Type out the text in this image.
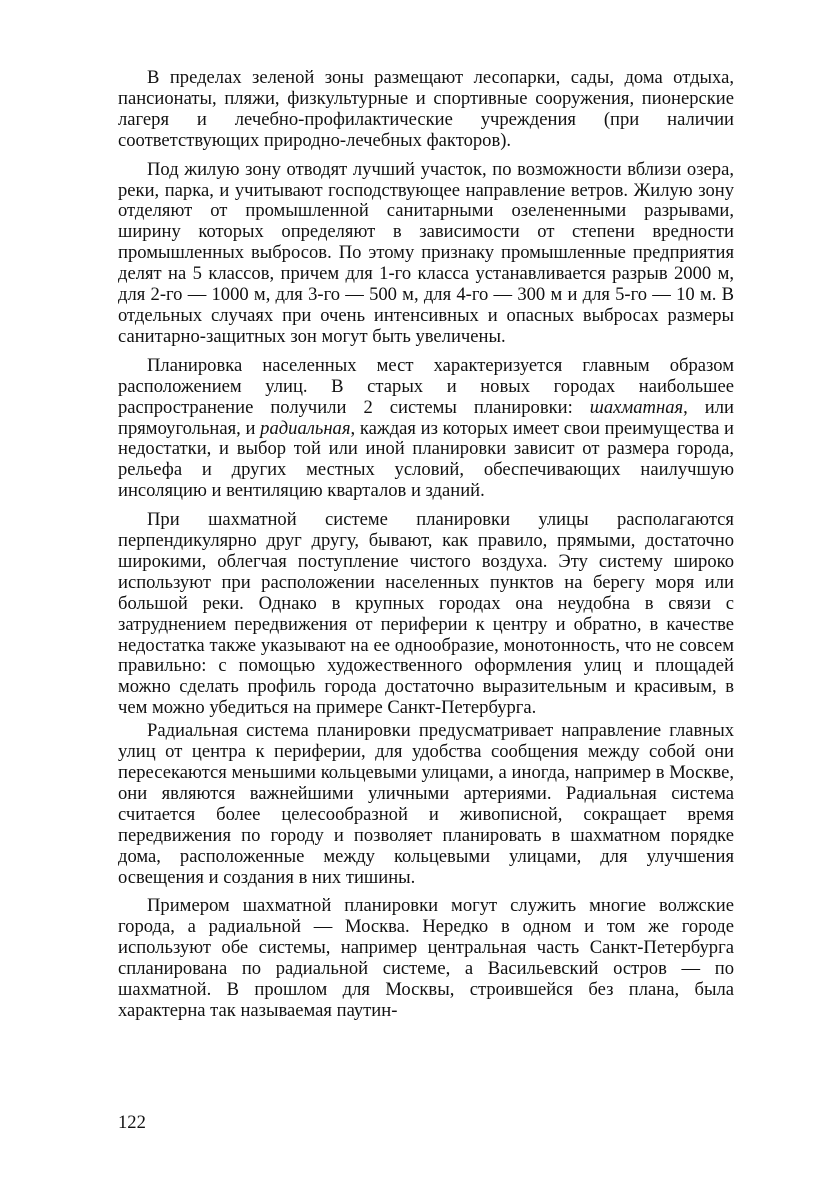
В пределах зеленой зоны размещают лесопарки, сады, дома отдыха, пансионаты, пляжи, физкультурные и спортивные сооружения, пионерские лагеря и лечебно-профилактические учреждения (при наличии соответствующих природно-лечебных факторов).

Под жилую зону отводят лучший участок, по возможности вблизи озера, реки, парка, и учитывают господствующее направление ветров. Жилую зону отделяют от промышленной санитарными озелененными разрывами, ширину которых определяют в зависимости от степени вредности промышленных выбросов. По этому признаку промышленные предприятия делят на 5 классов, причем для 1-го класса устанавливается разрыв 2000 м, для 2-го — 1000 м, для 3-го — 500 м, для 4-го — 300 м и для 5-го — 10 м. В отдельных случаях при очень интенсивных и опасных выбросах размеры санитарно-защитных зон могут быть увеличены.

Планировка населенных мест характеризуется главным образом расположением улиц. В старых и новых городах наибольшее распространение получили 2 системы планировки: шахматная, или прямоугольная, и радиальная, каждая из которых имеет свои преимущества и недостатки, и выбор той или иной планировки зависит от размера города, рельефа и других местных условий, обеспечивающих наилучшую инсоляцию и вентиляцию кварталов и зданий.

При шахматной системе планировки улицы располагаются перпендикулярно друг другу, бывают, как правило, прямыми, достаточно широкими, облегчая поступление чистого воздуха. Эту систему широко используют при расположении населенных пунктов на берегу моря или большой реки. Однако в крупных городах она неудобна в связи с затруднением передвижения от периферии к центру и обратно, в качестве недостатка также указывают на ее однообразие, монотонность, что не совсем правильно: с помощью художественного оформления улиц и площадей можно сделать профиль города достаточно выразительным и красивым, в чем можно убедиться на примере Санкт-Петербурга.

Радиальная система планировки предусматривает направление главных улиц от центра к периферии, для удобства сообщения между собой они пересекаются меньшими кольцевыми улицами, а иногда, например в Москве, они являются важнейшими уличными артериями. Радиальная система считается более целесообразной и живописной, сокращает время передвижения по городу и позволяет планировать в шахматном порядке дома, расположенные между кольцевыми улицами, для улучшения освещения и создания в них тишины.

Примером шахматной планировки могут служить многие волжские города, а радиальной — Москва. Нередко в одном и том же городе используют обе системы, например центральная часть Санкт-Петербурга спланирована по радиальной системе, а Васильевский остров — по шахматной. В прошлом для Москвы, строившейся без плана, была характерна так называемая паутин-

122
